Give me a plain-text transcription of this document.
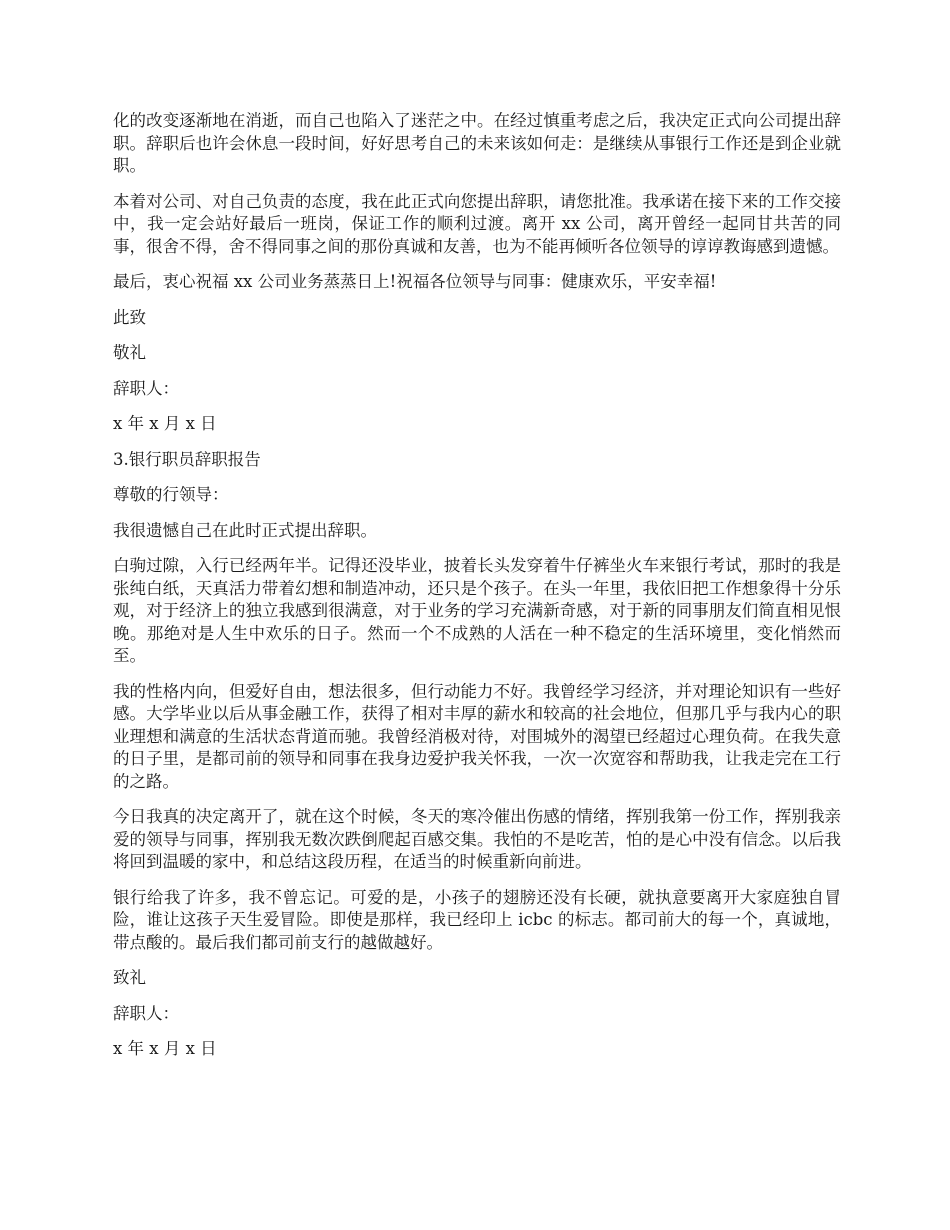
化的改变逐渐地在消逝，而自己也陷入了迷茫之中。在经过慎重考虑之后，我决定正式向公司提出辞职。辞职后也许会休息一段时间，好好思考自己的未来该如何走：是继续从事银行工作还是到企业就职。

本着对公司、对自己负责的态度，我在此正式向您提出辞职，请您批准。我承诺在接下来的工作交接中，我一定会站好最后一班岗，保证工作的顺利过渡。离开 xx 公司，离开曾经一起同甘共苦的同事，很舍不得，舍不得同事之间的那份真诚和友善，也为不能再倾听各位领导的谆谆教诲感到遗憾。

最后，衷心祝福 xx 公司业务蒸蒸日上!祝福各位领导与同事：健康欢乐，平安幸福!

此致

敬礼

辞职人：

x 年 x 月 x 日

3.银行职员辞职报告

尊敬的行领导：

我很遗憾自己在此时正式提出辞职。

白驹过隙，入行已经两年半。记得还没毕业，披着长头发穿着牛仔裤坐火车来银行考试，那时的我是张纯白纸，天真活力带着幻想和制造冲动，还只是个孩子。在头一年里，我依旧把工作想象得十分乐观，对于经济上的独立我感到很满意，对于业务的学习充满新奇感，对于新的同事朋友们简直相见恨晚。那绝对是人生中欢乐的日子。然而一个不成熟的人活在一种不稳定的生活环境里，变化悄然而至。

我的性格内向，但爱好自由，想法很多，但行动能力不好。我曾经学习经济，并对理论知识有一些好感。大学毕业以后从事金融工作，获得了相对丰厚的薪水和较高的社会地位，但那几乎与我内心的职业理想和满意的生活状态背道而驰。我曾经消极对待，对围城外的渴望已经超过心理负荷。在我失意的日子里，是都司前的领导和同事在我身边爱护我关怀我，一次一次宽容和帮助我，让我走完在工行的之路。

今日我真的决定离开了，就在这个时候，冬天的寒冷催出伤感的情绪，挥别我第一份工作，挥别我亲爱的领导与同事，挥别我无数次跌倒爬起百感交集。我怕的不是吃苦，怕的是心中没有信念。以后我将回到温暖的家中，和总结这段历程，在适当的时候重新向前进。

银行给我了许多，我不曾忘记。可爱的是，小孩子的翅膀还没有长硬，就执意要离开大家庭独自冒险，谁让这孩子天生爱冒险。即使是那样，我已经印上 icbc 的标志。都司前大的每一个，真诚地，带点酸的。最后我们都司前支行的越做越好。

致礼

辞职人：

x 年 x 月 x 日
